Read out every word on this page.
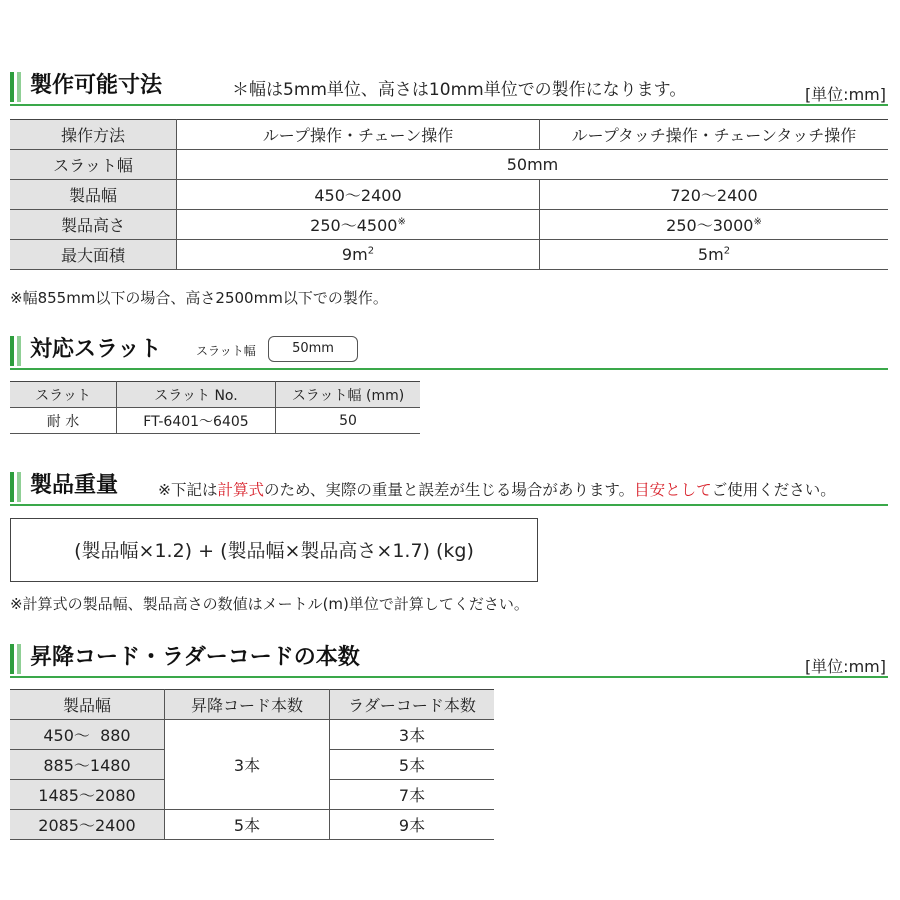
製作可能寸法	＊幅は5mm単位、高さは10mm単位での製作になります。	[単位:mm]
操作方法	ループ操作・チェーン操作	ループタッチ操作・チェーンタッチ操作
スラット幅	50mm	
製品幅	450～2400	720～2400
製品高さ	250～4500※	250～3000※
最大面積	$9m^2$	$5m^2$
※幅855mm以下の場合、高さ2500mm以下での製作。
対応スラット	スラット幅	50mm
スラット	スラット No.	スラット幅 (mm)
耐 水	FT-6401～6405	50
製品重量	※下記は計算式のため、実際の重量と誤差が生じる場合があります。目安としてご使用ください。
(製品幅×1.2) + (製品幅×製品高さ×1.7) (kg)
※計算式の製品幅、製品高さの数値はメートル(m)単位で計算してください。
昇降コード・ラダーコードの本数	[単位:mm]
製品幅	昇降コード本数	ラダーコード本数
450～  880	3本	3本
885～1480		5本
1485～2080		7本
2085～2400	5本	9本
